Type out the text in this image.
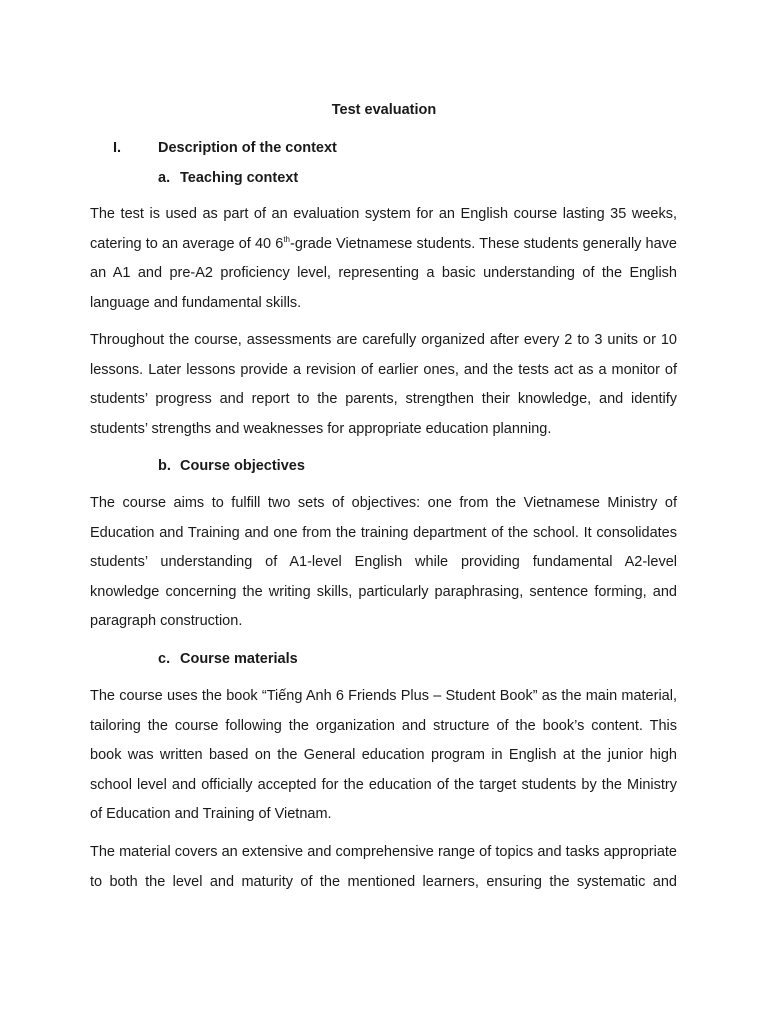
Test evaluation
I.	Description of the context
a. Teaching context
The test is used as part of an evaluation system for an English course lasting 35 weeks,
catering to an average of 40 6th-grade Vietnamese students. These students generally have
an A1 and pre-A2 proficiency level, representing a basic understanding of the English
language and fundamental skills.
Throughout the course, assessments are carefully organized after every 2 to 3 units or 10
lessons. Later lessons provide a revision of earlier ones, and the tests act as a monitor of
students’ progress and report to the parents, strengthen their knowledge, and identify
students’ strengths and weaknesses for appropriate education planning.
b. Course objectives
The course aims to fulfill two sets of objectives: one from the Vietnamese Ministry of
Education and Training and one from the training department of the school. It consolidates
students’ understanding of A1-level English while providing fundamental A2-level
knowledge concerning the writing skills, particularly paraphrasing, sentence forming, and
paragraph construction.
c. Course materials
The course uses the book “Tiếng Anh 6 Friends Plus – Student Book” as the main material,
tailoring the course following the organization and structure of the book’s content. This
book was written based on the General education program in English at the junior high
school level and officially accepted for the education of the target students by the Ministry
of Education and Training of Vietnam.
The material covers an extensive and comprehensive range of topics and tasks appropriate
to both the level and maturity of the mentioned learners, ensuring the systematic and
